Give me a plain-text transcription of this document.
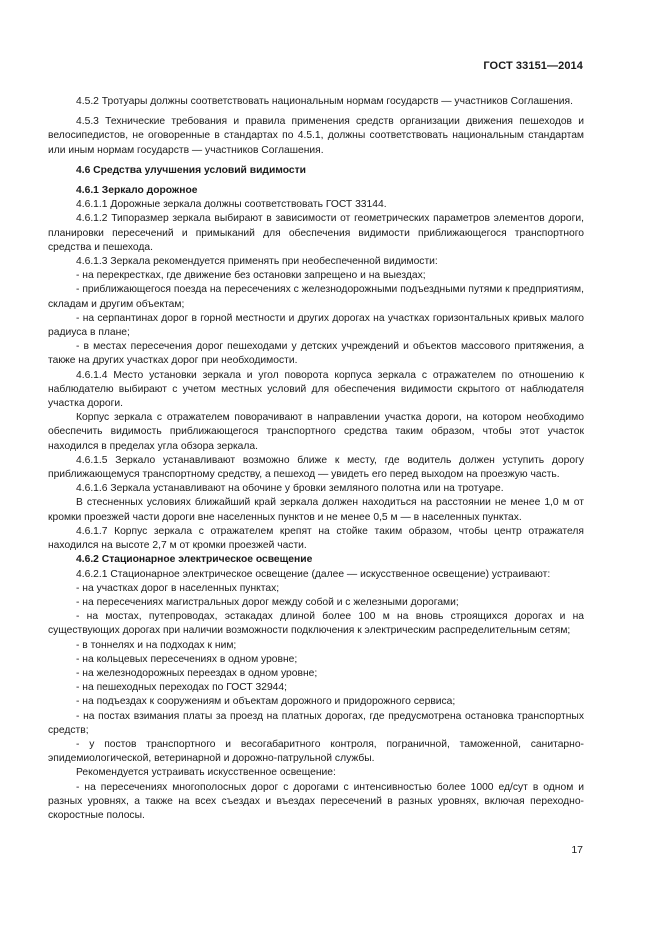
ГОСТ 33151—2014

4.5.2 Тротуары должны соответствовать национальным нормам государств — участников Соглашения.

4.5.3 Технические требования и правила применения средств организации движения пешеходов и велосипедистов, не оговоренные в стандартах по 4.5.1, должны соответствовать национальным стандартам или иным нормам государств — участников Соглашения.

4.6 Средства улучшения условий видимости

4.6.1 Зеркало дорожное

4.6.1.1 Дорожные зеркала должны соответствовать ГОСТ 33144.

4.6.1.2 Типоразмер зеркала выбирают в зависимости от геометрических параметров элементов дороги, планировки пересечений и примыканий для обеспечения видимости приближающегося транспортного средства и пешехода.

4.6.1.3 Зеркала рекомендуется применять при необеспеченной видимости:

- на перекрестках, где движение без остановки запрещено и на выездах;

- приближающегося поезда на пересечениях с железнодорожными подъездными путями к предприятиям, складам и другим объектам;

- на серпантинах дорог в горной местности и других дорогах на участках горизонтальных кривых малого радиуса в плане;

- в местах пересечения дорог пешеходами у детских учреждений и объектов массового притяжения, а также на других участках дорог при необходимости.

4.6.1.4 Место установки зеркала и угол поворота корпуса зеркала с отражателем по отношению к наблюдателю выбирают с учетом местных условий для обеспечения видимости скрытого от наблюдателя участка дороги.

Корпус зеркала с отражателем поворачивают в направлении участка дороги, на котором необходимо обеспечить видимость приближающегося транспортного средства таким образом, чтобы этот участок находился в пределах угла обзора зеркала.

4.6.1.5 Зеркало устанавливают возможно ближе к месту, где водитель должен уступить дорогу приближающемуся транспортному средству, а пешеход — увидеть его перед выходом на проезжую часть.

4.6.1.6 Зеркала устанавливают на обочине у бровки земляного полотна или на тротуаре.

В стесненных условиях ближайший край зеркала должен находиться на расстоянии не менее 1,0 м от кромки проезжей части дороги вне населенных пунктов и не менее 0,5 м — в населенных пунктах.

4.6.1.7 Корпус зеркала с отражателем крепят на стойке таким образом, чтобы центр отражателя находился на высоте 2,7 м от кромки проезжей части.

4.6.2 Стационарное электрическое освещение

4.6.2.1 Стационарное электрическое освещение (далее — искусственное освещение) устраивают:

- на участках дорог в населенных пунктах;

- на пересечениях магистральных дорог между собой и с железными дорогами;

- на мостах, путепроводах, эстакадах длиной более 100 м на вновь строящихся дорогах и на существующих дорогах при наличии возможности подключения к электрическим распределительным сетям;

- в тоннелях и на подходах к ним;

- на кольцевых пересечениях в одном уровне;

- на железнодорожных переездах в одном уровне;

- на пешеходных переходах по ГОСТ 32944;

- на подъездах к сооружениям и объектам дорожного и придорожного сервиса;

- на постах взимания платы за проезд на платных дорогах, где предусмотрена остановка транспортных средств;

- у постов транспортного и весогабаритного контроля, пограничной, таможенной, санитарно-эпидемиологической, ветеринарной и дорожно-патрульной службы.

Рекомендуется устраивать искусственное освещение:

- на пересечениях многополосных дорог с дорогами с интенсивностью более 1000 ед/сут в одном и разных уровнях, а также на всех съездах и въездах пересечений в разных уровнях, включая переходно-скоростные полосы.

17
